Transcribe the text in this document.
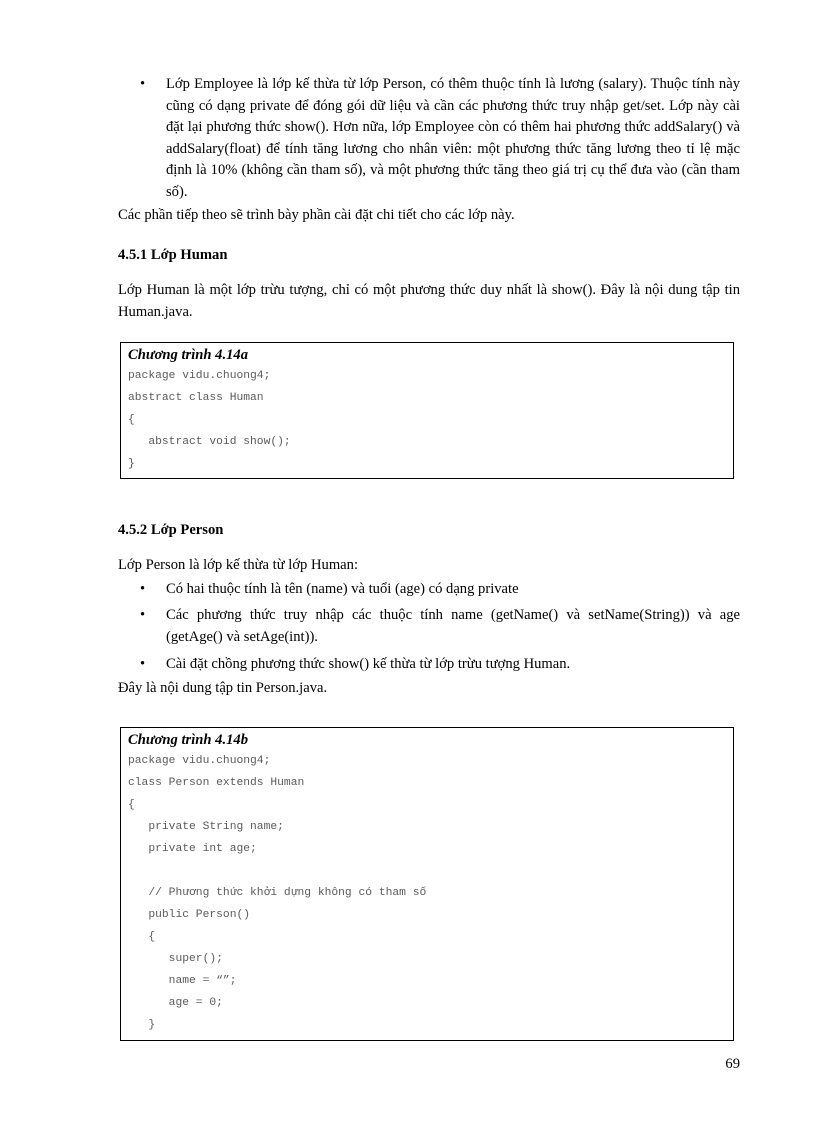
• Lớp Employee là lớp kế thừa từ lớp Person, có thêm thuộc tính là lương (salary). Thuộc tính này cũng có dạng private để đóng gói dữ liệu và cần các phương thức truy nhập get/set. Lớp này cài đặt lại phương thức show(). Hơn nữa, lớp Employee còn có thêm hai phương thức addSalary() và addSalary(float) để tính tăng lương cho nhân viên: một phương thức tăng lương theo tỉ lệ mặc định là 10% (không cần tham số), và một phương thức tăng theo giá trị cụ thể đưa vào (cần tham số).

Các phần tiếp theo sẽ trình bày phần cài đặt chi tiết cho các lớp này.

4.5.1 Lớp Human

Lớp Human là một lớp trừu tượng, chỉ có một phương thức duy nhất là show(). Đây là nội dung tập tin Human.java.

Chương trình 4.14a
package vidu.chuong4;
abstract class Human
{
abstract void show();
}
4.5.2 Lớp Person

Lớp Person là lớp kế thừa từ lớp Human:

• Có hai thuộc tính là tên (name) và tuổi (age) có dạng private

• Các phương thức truy nhập các thuộc tính name (getName() và setName(String)) và age (getAge() và setAge(int)).

• Cài đặt chồng phương thức show() kế thừa từ lớp trừu tượng Human.

Đây là nội dung tập tin Person.java.

Chương trình 4.14b
package vidu.chuong4;
class Person extends Human
{
private String name;
private int age;
// Phương thức khởi dựng không có tham số
public Person()
{
super();
name = “”;
age = 0;
}
69
